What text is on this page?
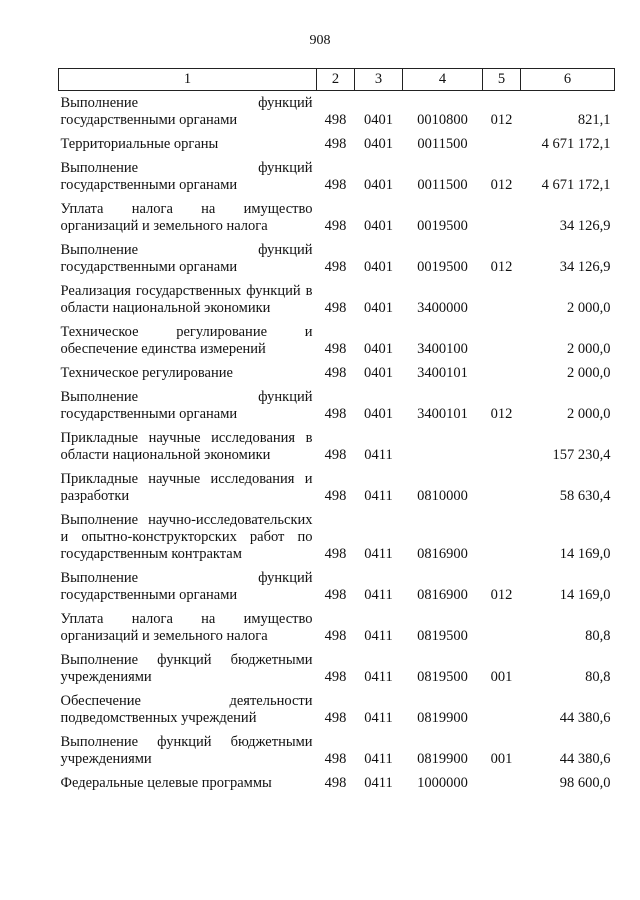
908
1	2	3	4	5	6
Выполнение функций государственными органами	498	0401	0010800	012	821,1
Территориальные органы	498	0401	0011500		4 671 172,1
Выполнение функций государственными органами	498	0401	0011500	012	4 671 172,1
Уплата налога на имущество организаций и земельного налога	498	0401	0019500		34 126,9
Выполнение функций государственными органами	498	0401	0019500	012	34 126,9
Реализация государственных функций в области национальной экономики	498	0401	3400000		2 000,0
Техническое регулирование и обеспечение единства измерений	498	0401	3400100		2 000,0
Техническое регулирование	498	0401	3400101		2 000,0
Выполнение функций государственными органами	498	0401	3400101	012	2 000,0
Прикладные научные исследования в области национальной экономики	498	0411			157 230,4
Прикладные научные исследования и разработки	498	0411	0810000		58 630,4
Выполнение научно-исследовательских и опытно-конструкторских работ по государственным контрактам	498	0411	0816900		14 169,0
Выполнение функций государственными органами	498	0411	0816900	012	14 169,0
Уплата налога на имущество организаций и земельного налога	498	0411	0819500		80,8
Выполнение функций бюджетными учреждениями	498	0411	0819500	001	80,8
Обеспечение деятельности подведомственных учреждений	498	0411	0819900		44 380,6
Выполнение функций бюджетными учреждениями	498	0411	0819900	001	44 380,6
Федеральные целевые программы	498	0411	1000000		98 600,0
